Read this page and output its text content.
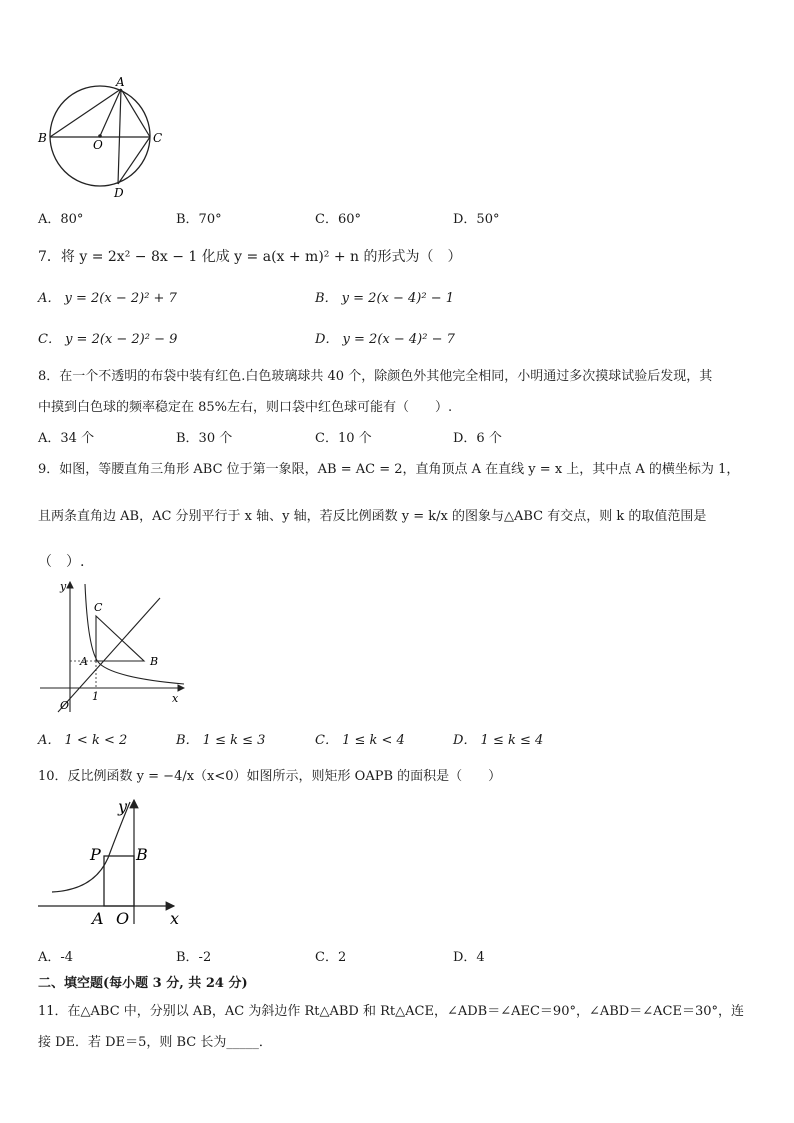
A
B	C
O
D
A．80°	B．70°	C．60°	D．50°
7．将 y = 2x² − 8x − 1 化成 y = a(x + m)² + n 的形式为（　）
A． y = 2(x − 2)² + 7	B． y = 2(x − 4)² − 1
C． y = 2(x − 2)² − 9	D． y = 2(x − 4)² − 7
8．在一个不透明的布袋中装有红色.白色玻璃球共 40 个，除颜色外其他完全相同，小明通过多次摸球试验后发现，其
中摸到白色球的频率稳定在 85%左右，则口袋中红色球可能有（　　）.
A．34 个	B．30 个	C．10 个	D．6 个
9．如图，等腰直角三角形 ABC 位于第一象限，AB = AC = 2，直角顶点 A 在直线 y = x 上，其中点 A 的横坐标为 1，
且两条直角边 AB，AC 分别平行于 x 轴、y 轴，若反比例函数 y = k/x 的图象与△ABC 有交点，则 k 的取值范围是
（　）.
y
C
A	B
1	x
O
A． 1 < k < 2	B． 1 ≤ k ≤ 3	C． 1 ≤ k < 4	D． 1 ≤ k ≤ 4
10．反比例函数 y = −4/x（x<0）如图所示，则矩形 OAPB 的面积是（　　）
y
P B
A O	x
A．-4	B．-2	C．2	D．4
二、填空题(每小题 3 分, 共 24 分)
11．在△ABC 中，分别以 AB，AC 为斜边作 Rt△ABD 和 Rt△ACE，∠ADB＝∠AEC＝90°，∠ABD＝∠ACE＝30°，连
接 DE．若 DE＝5，则 BC 长为_____．
